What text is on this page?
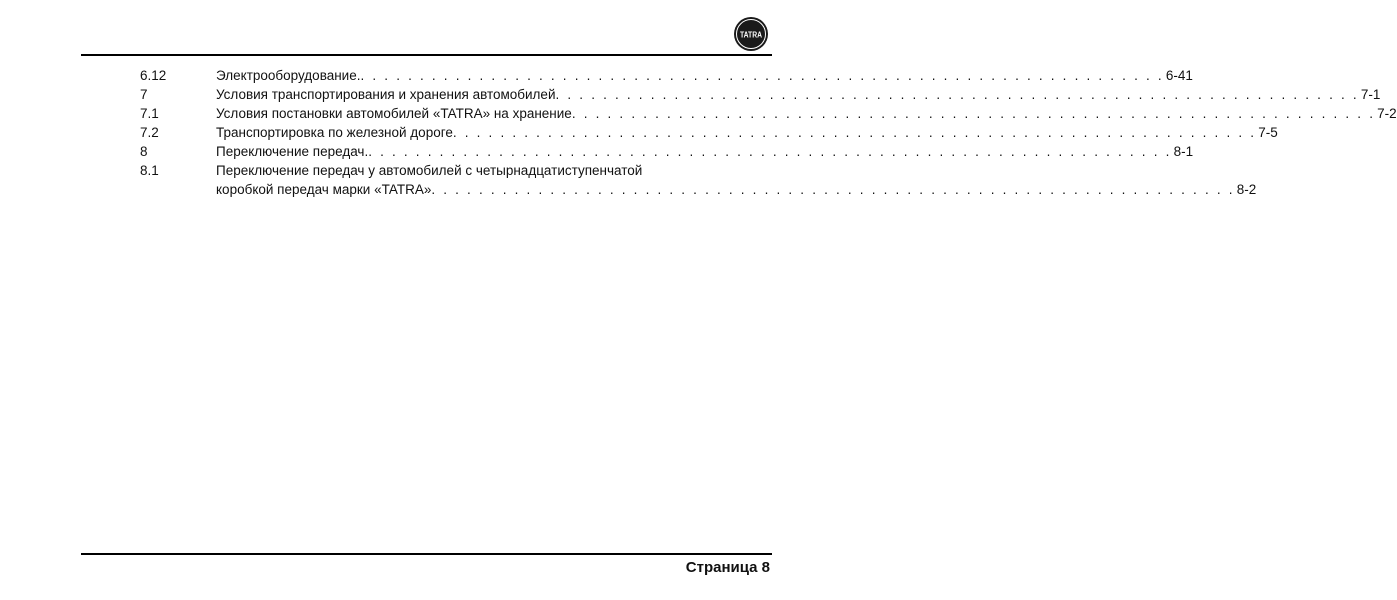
TATRA
6.12	Электрооборудование. . . . . . . . . . . . . . . . . . . . . . . . . . . . . . . . . . . . . . . . . . . . . . . . . . . . . . . . . . . . . . . . . . . . . 6-41
7	Условия транспортирования и хранения автомобилей . . . . . . . . . . . . . . . . . . . . . . . . . . . . . . . . . . . . . . . . . . . . . . . . . . . . . . . . . . . . . . . . . . . . 7-1
7.1	Условия постановки автомобилей «TATRA» на хранение . . . . . . . . . . . . . . . . . . . . . . . . . . . . . . . . . . . . . . . . . . . . . . . . . . . . . . . . . . . . . . . . . . . . 7-2
7.2	Транспортировка по железной дороге . . . . . . . . . . . . . . . . . . . . . . . . . . . . . . . . . . . . . . . . . . . . . . . . . . . . . . . . . . . . . . . . . . . . 7-5
8	Переключение передач. . . . . . . . . . . . . . . . . . . . . . . . . . . . . . . . . . . . . . . . . . . . . . . . . . . . . . . . . . . . . . . . . . . . . 8-1
8.1	Переключение передач у автомобилей с четырнадцатиступенчатой
коробкой передач марки «TATRA» . . . . . . . . . . . . . . . . . . . . . . . . . . . . . . . . . . . . . . . . . . . . . . . . . . . . . . . . . . . . . . . . . . . . 8-2
Страница 8
